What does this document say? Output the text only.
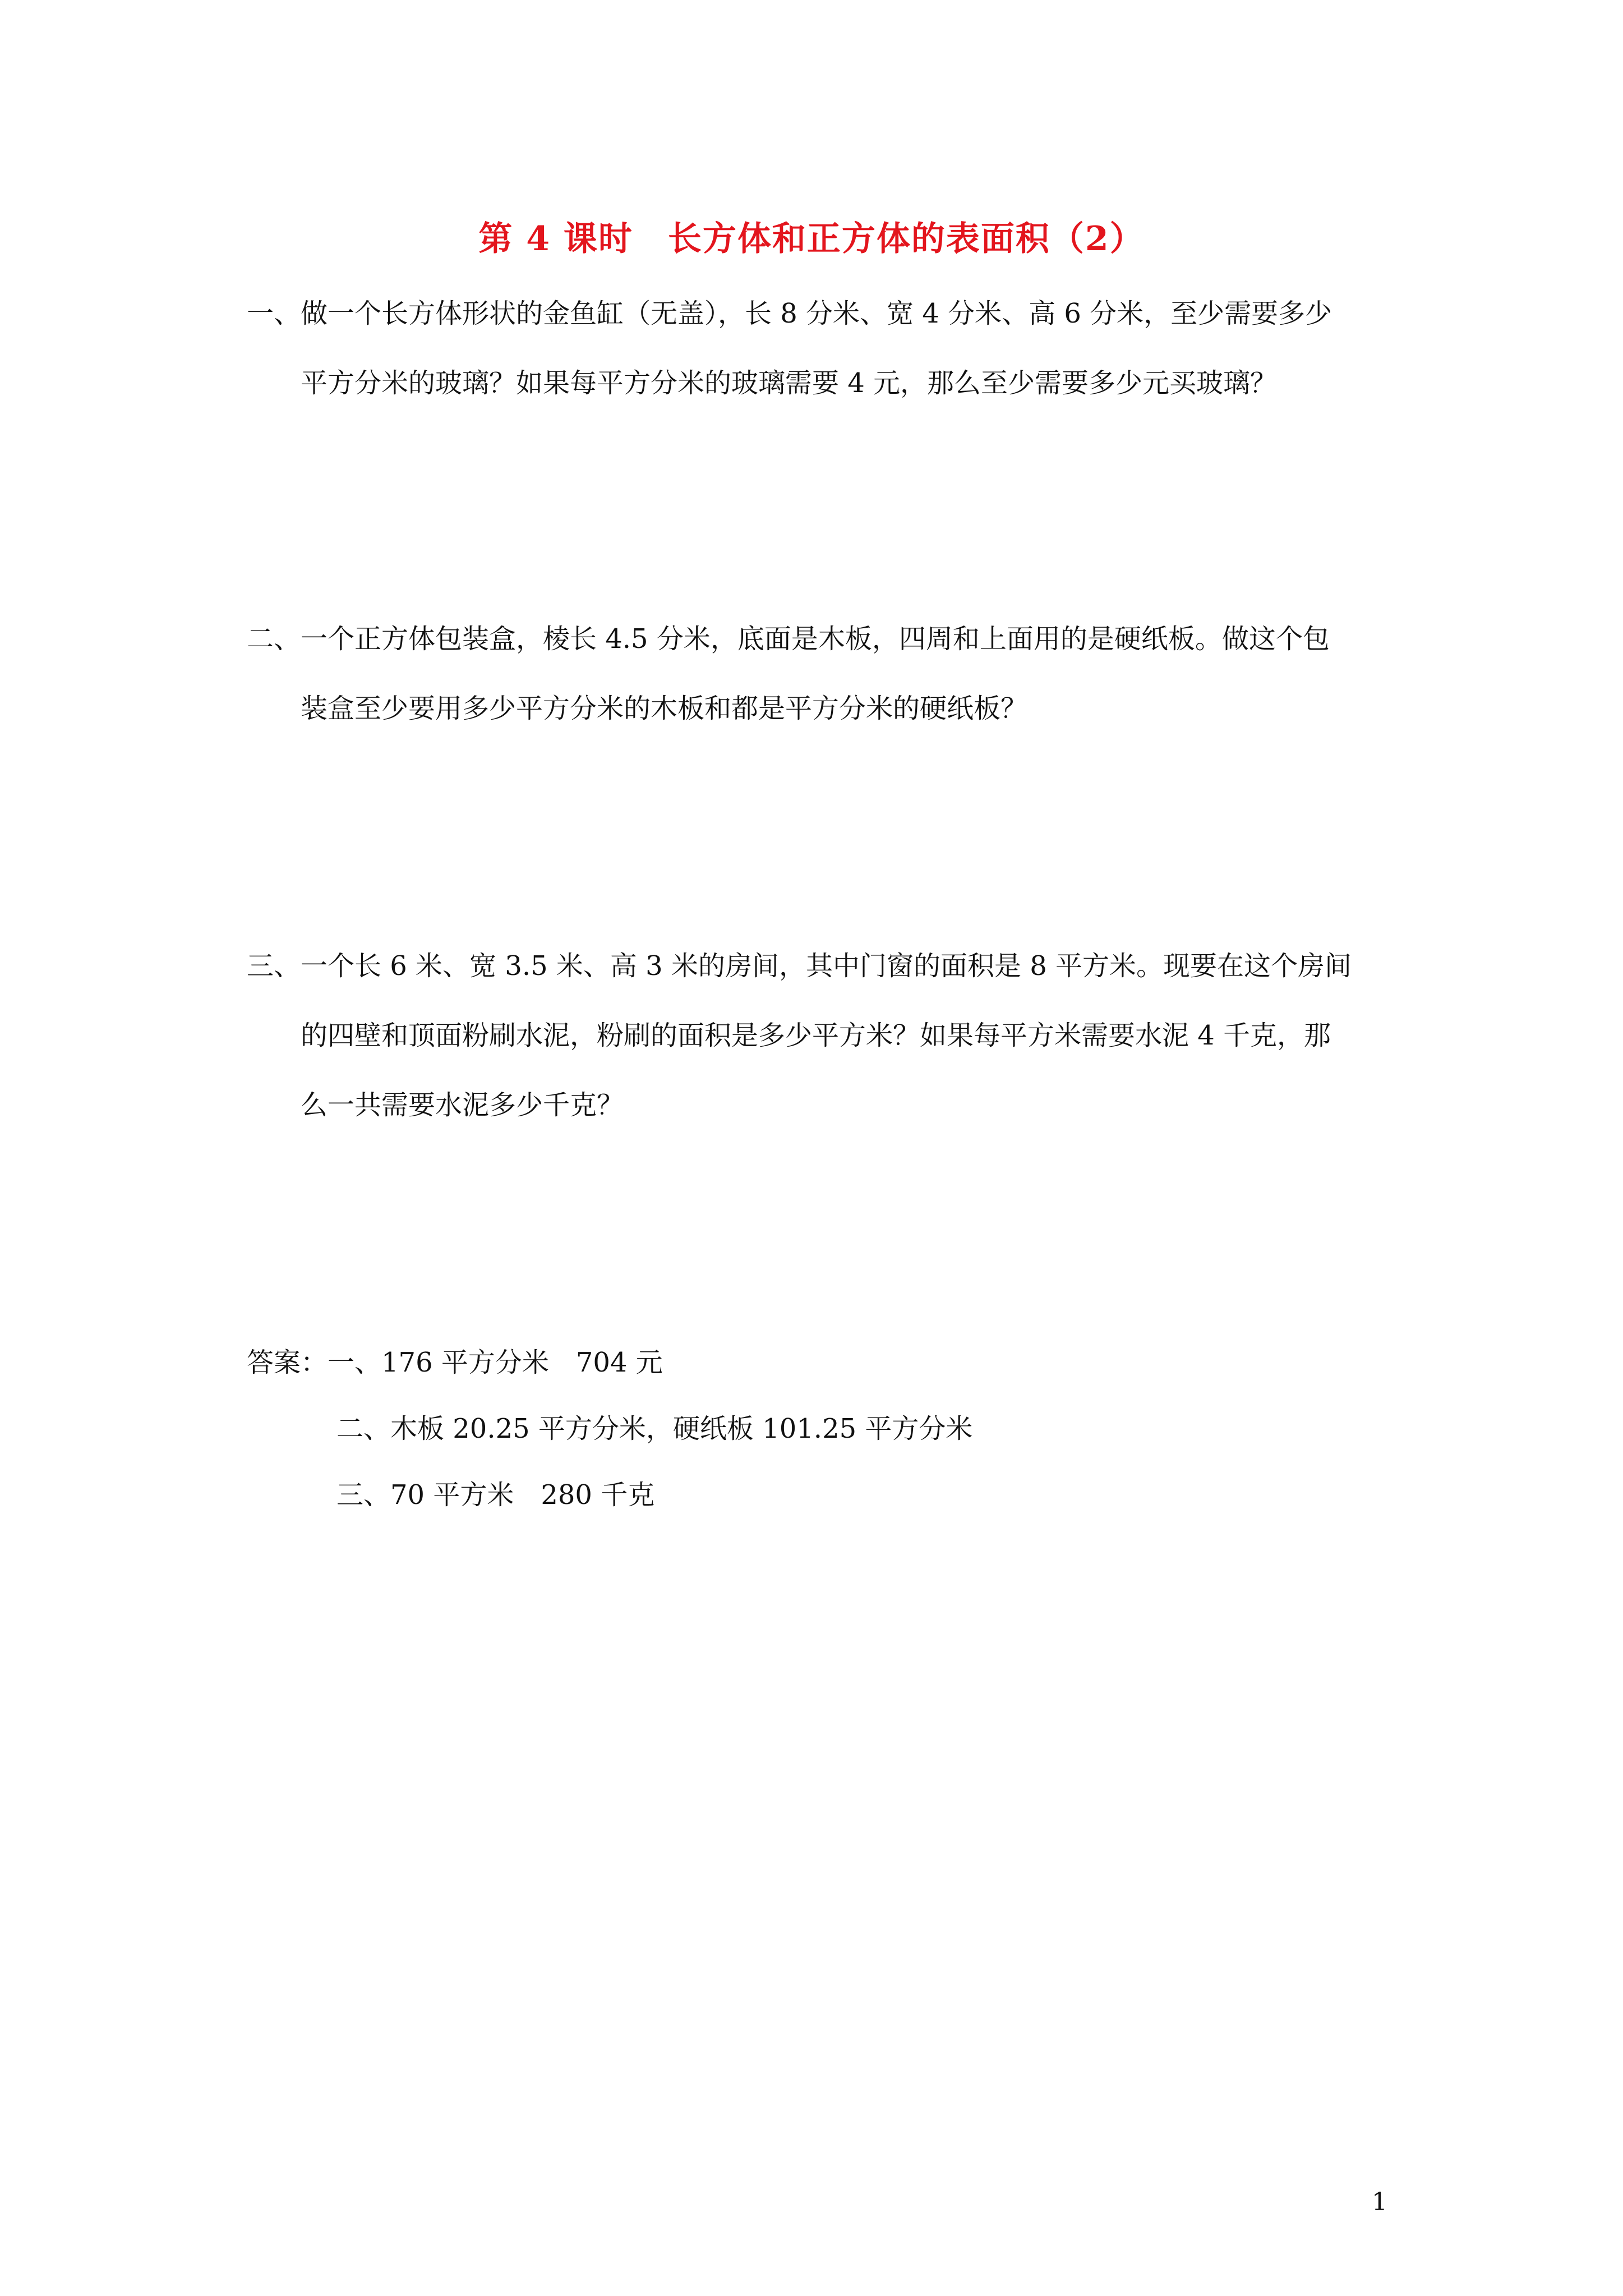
第 4 课时　长方体和正方体的表面积（2）
一、 做一个长方体形状的金鱼缸（无盖），长 8 分米、宽 4 分米、高 6 分米，至少需要多少
平方分米的玻璃？如果每平方分米的玻璃需要 4 元，那么至少需要多少元买玻璃？
二、 一个正方体包装盒，棱长 4.5 分米，底面是木板，四周和上面用的是硬纸板。做这个包
装盒至少要用多少平方分米的木板和都是平方分米的硬纸板？
三、 一个长 6 米、宽 3.5 米、高 3 米的房间，其中门窗的面积是 8 平方米。现要在这个房间
的四壁和顶面粉刷水泥，粉刷的面积是多少平方米？如果每平方米需要水泥 4 千克，那
么一共需要水泥多少千克？
答案：一、176 平方分米　704 元
二、木板 20.25 平方分米，硬纸板 101.25 平方分米
三、70 平方米　280 千克
1
